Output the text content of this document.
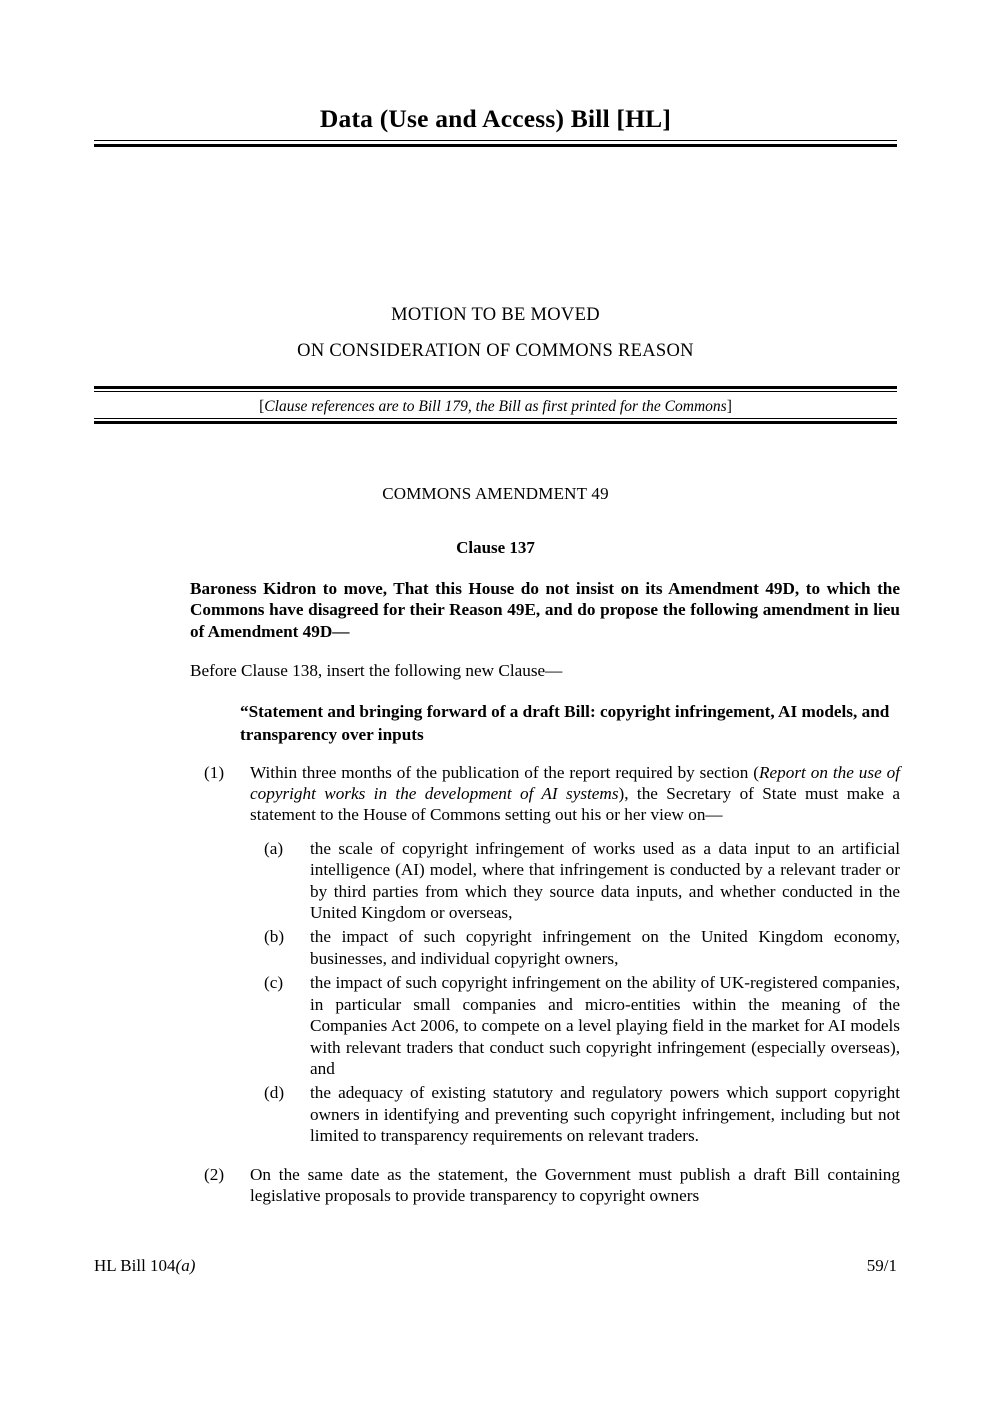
Data (Use and Access) Bill [HL]
MOTION TO BE MOVED
ON CONSIDERATION OF COMMONS REASON
[Clause references are to Bill 179, the Bill as first printed for the Commons]
COMMONS AMENDMENT 49
Clause 137
Baroness Kidron to move, That this House do not insist on its Amendment 49D, to which the Commons have disagreed for their Reason 49E, and do propose the following amendment in lieu of Amendment 49D—
Before Clause 138, insert the following new Clause—
“Statement and bringing forward of a draft Bill: copyright infringement, AI models, and transparency over inputs
(1)	Within three months of the publication of the report required by section (Report on the use of copyright works in the development of AI systems), the Secretary of State must make a statement to the House of Commons setting out his or her view on—
(a)	the scale of copyright infringement of works used as a data input to an artificial intelligence (AI) model, where that infringement is conducted by a relevant trader or by third parties from which they source data inputs, and whether conducted in the United Kingdom or overseas,
(b)	the impact of such copyright infringement on the United Kingdom economy, businesses, and individual copyright owners,
(c)	the impact of such copyright infringement on the ability of UK-registered companies, in particular small companies and micro-entities within the meaning of the Companies Act 2006, to compete on a level playing field in the market for AI models with relevant traders that conduct such copyright infringement (especially overseas), and
(d)	the adequacy of existing statutory and regulatory powers which support copyright owners in identifying and preventing such copyright infringement, including but not limited to transparency requirements on relevant traders.
(2)	On the same date as the statement, the Government must publish a draft Bill containing legislative proposals to provide transparency to copyright owners
HL Bill 104(a)	59/1
